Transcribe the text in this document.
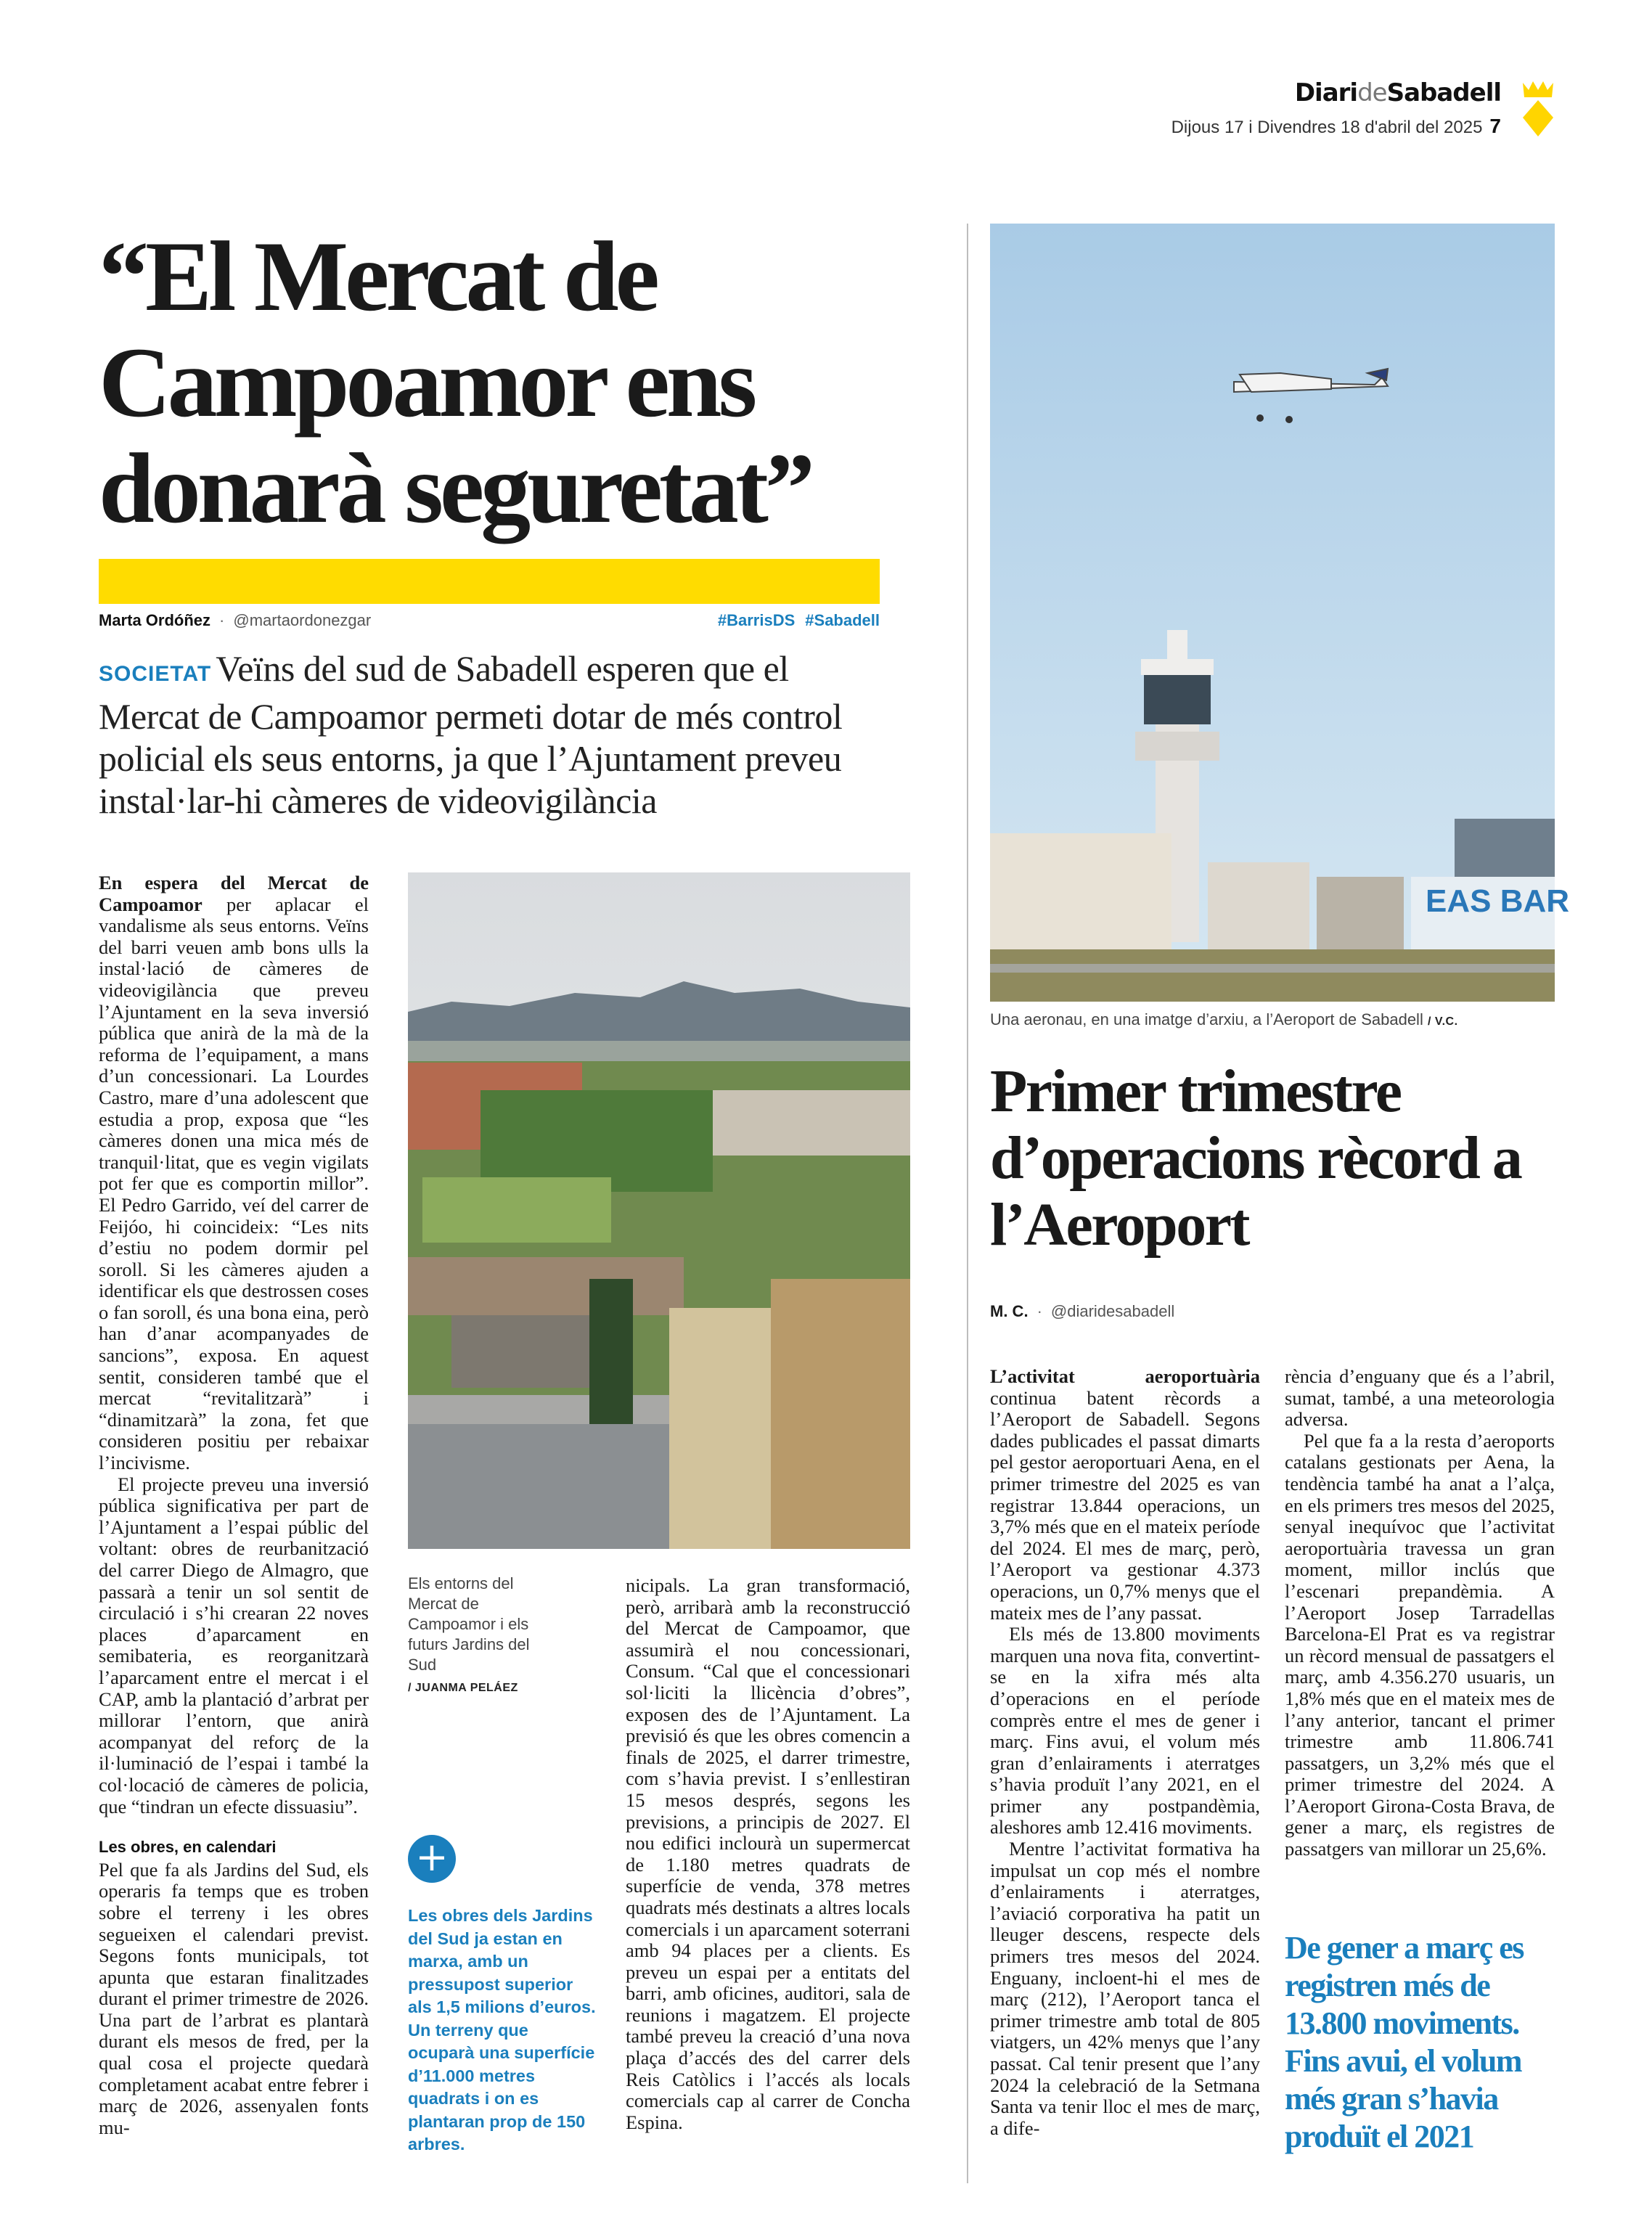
DiarideSabadell
Dijous 17 i Divendres 18 d'abril del 2025 7
“El Mercat de Campoamor ens donarà seguretat”
Marta Ordóñez · @martaordonezgar	#BarrisDS #Sabadell
SOCIETAT Veïns del sud de Sabadell esperen que el Mercat de Campoamor permeti dotar de més control policial els seus entorns, ja que l’Ajuntament preveu instal·lar-hi càmeres de videovigilància

En espera del Mercat de Campoamor per aplacar el vandalisme als seus entorns. Veïns del barri veuen amb bons ulls la instal·lació de càmeres de videovigilància que preveu l’Ajuntament en la seva inversió pública que anirà de la mà de la reforma de l’equipament, a mans d’un concessionari. La Lourdes Castro, mare d’una adolescent que estudia a prop, exposa que “les càmeres donen una mica més de tranquil·litat, que es vegin vigilats pot fer que es comportin millor”. El Pedro Garrido, veí del carrer de Feijóo, hi coincideix: “Les nits d’estiu no podem dormir pel soroll. Si les càmeres ajuden a identificar els que destrossen coses o fan soroll, és una bona eina, però han d’anar acompanyades de sancions”, exposa. En aquest sentit, consideren també que el mercat “revitalitzarà” i “dinamitzarà” la zona, fet que consideren positiu per rebaixar l’incivisme.

El projecte preveu una inversió pública significativa per part de l’Ajuntament a l’espai públic del voltant: obres de reurbanització del carrer Diego de Almagro, que passarà a tenir un sol sentit de circulació i s’hi crearan 22 noves places d’aparcament en semibateria, es reorganitzarà l’aparcament entre el mercat i el CAP, amb la plantació d’arbrat per millorar l’entorn, que anirà acompanyat del reforç de la il·luminació de l’espai i també la col·locació de càmeres de policia, que “tindran un efecte dissuasiu”.

Les obres, en calendari

Pel que fa als Jardins del Sud, els operaris fa temps que es troben sobre el terreny i les obres segueixen el calendari previst. Segons fonts municipals, tot apunta que estaran finalitzades durant el primer trimestre de 2026. Una part de l’arbrat es plantarà durant els mesos de fred, per la qual cosa el projecte quedarà completament acabat entre febrer i març de 2026, assenyalen fonts mu-

Els entorns del Mercat de Campoamor i els futurs Jardins del Sud
/ JUANMA PELÁEZ
+
Les obres dels Jardins del Sud ja estan en marxa, amb un pressupost superior als 1,5 milions d’euros. Un terreny que ocuparà una superfície d’11.000 metres quadrats i on es plantaran prop de 150 arbres.

nicipals. La gran transformació, però, arribarà amb la reconstrucció del Mercat de Campoamor, que assumirà el nou concessionari, Consum. “Cal que el concessionari sol·liciti la llicència d’obres”, exposen des de l’Ajuntament. La previsió és que les obres comencin a finals de 2025, el darrer trimestre, com s’havia previst. I s’enllestiran 15 mesos després, segons les previsions, a principis de 2027. El nou edifici inclourà un supermercat de 1.180 metres quadrats de superfície de venda, 378 metres quadrats més destinats a altres locals comercials i un aparcament soterrani amb 94 places per a clients. Es preveu un espai per a entitats del barri, amb oficines, auditori, sala de reunions i magatzem. El projecte també preveu la creació d’una nova plaça d’accés des del carrer dels Reis Catòlics i l’accés als locals comercials cap al carrer de Concha Espina.

EAS BAR
Una aeronau, en una imatge d’arxiu, a l’Aeroport de Sabadell / V.C.
Primer trimestre d’operacions rècord a l’Aeroport
M. C. · @diaridesabadell

L’activitat aeroportuària continua batent rècords a l’Aeroport de Sabadell. Segons dades publicades el passat dimarts pel gestor aeroportuari Aena, en el primer trimestre del 2025 es van registrar 13.844 operacions, un 3,7% més que en el mateix període del 2024. El mes de març, però, l’Aeroport va gestionar 4.373 operacions, un 0,7% menys que el mateix mes de l’any passat.

Els més de 13.800 moviments marquen una nova fita, convertint-se en la xifra més alta d’operacions en el període comprès entre el mes de gener i març. Fins avui, el volum més gran d’enlairaments i aterratges s’havia produït l’any 2021, en el primer any postpandèmia, aleshores amb 12.416 moviments.

Mentre l’activitat formativa ha impulsat un cop més el nombre d’enlairaments i aterratges, l’aviació corporativa ha patit un lleuger descens, respecte dels primers tres mesos del 2024. Enguany, incloent-hi el mes de març (212), l’Aeroport tanca el primer trimestre amb total de 805 viatgers, un 42% menys que l’any passat. Cal tenir present que l’any 2024 la celebració de la Setmana Santa va tenir lloc el mes de març, a dife-

rència d’enguany que és a l’abril, sumat, també, a una meteorologia adversa.

Pel que fa a la resta d’aeroports catalans gestionats per Aena, la tendència també ha anat a l’alça, en els primers tres mesos del 2025, senyal inequívoc que l’activitat aeroportuària travessa un gran moment, millor inclús que l’escenari prepandèmia. A l’Aeroport Josep Tarradellas Barcelona-El Prat es va registrar un rècord mensual de passatgers el març, amb 4.356.270 usuaris, un 1,8% més que en el mateix mes de l’any anterior, tancant el primer trimestre amb 11.806.741 passatgers, un 3,2% més que el primer trimestre del 2024. A l’Aeroport Girona-Costa Brava, de gener a març, els registres de passatgers van millorar un 25,6%.

De gener a març es registren més de 13.800 moviments. Fins avui, el volum més gran s’havia produït el 2021
